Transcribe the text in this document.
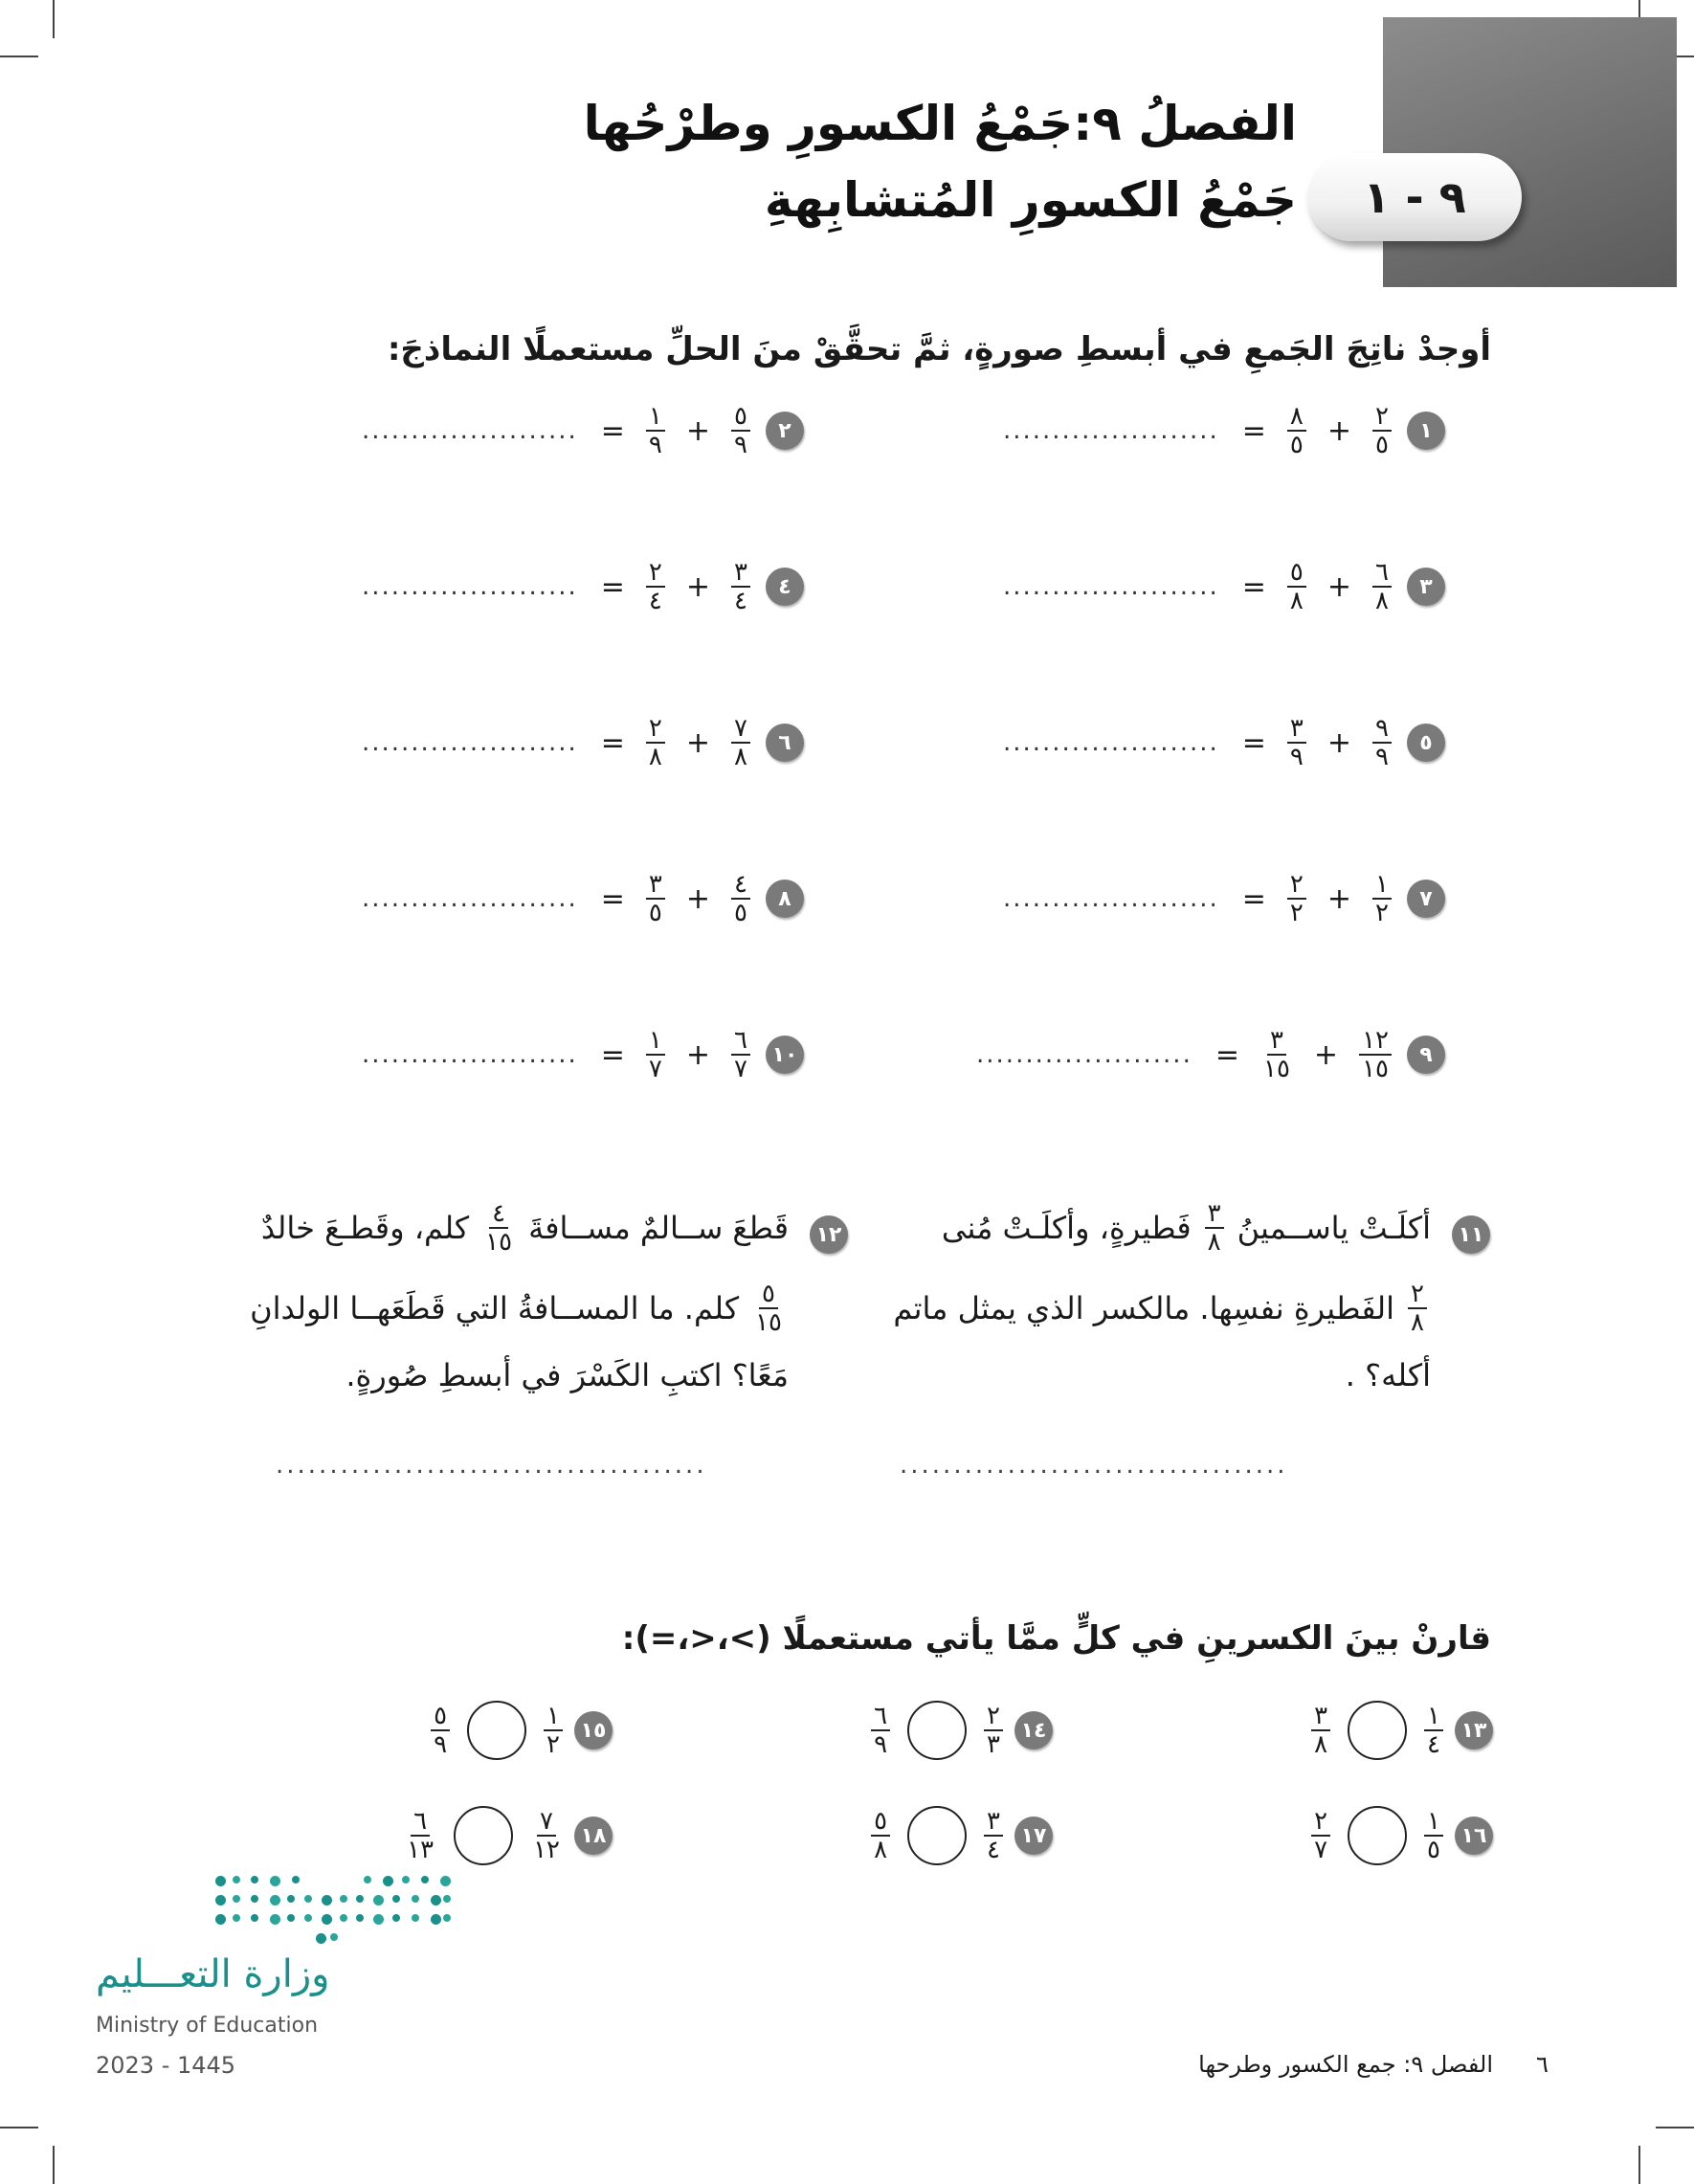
٩ - ١
الفصلُ ٩:جَمْعُ الكسورِ وطرْحُها
جَمْعُ الكسورِ المُتشابِهةِ
أوجدْ ناتِجَ الجَمعِ في أبسطِ صورةٍ، ثمَّ تحقَّقْ منَ الحلِّ مستعملًا النماذجَ:
١
$\frac{٢}{٥}$
+
$\frac{٨}{٥}$
=
......................
٢
$\frac{٥}{٩}$
+
$\frac{١}{٩}$
=
......................
٣
$\frac{٦}{٨}$
+
$\frac{٥}{٨}$
=
......................
٤
$\frac{٣}{٤}$
+
$\frac{٢}{٤}$
=
......................
٥
$\frac{٩}{٩}$
+
$\frac{٣}{٩}$
=
......................
٦
$\frac{٧}{٨}$
+
$\frac{٢}{٨}$
=
......................
٧
$\frac{١}{٢}$
+
$\frac{٢}{٢}$
=
......................
٨
$\frac{٤}{٥}$
+
$\frac{٣}{٥}$
=
......................
٩
$\frac{١٢}{١٥}$
+
$\frac{٣}{١٥}$
=
......................
١٠
$\frac{٦}{٧}$
+
$\frac{١}{٧}$
=
......................
١١
أكلَـتْ ياســمينُ
$\frac{٣}{٨}$
فَطيرةٍ، وأكلَـتْ مُنى
$\frac{٢}{٨}$
الفَطيرةِ نفسِها. مالكسر الذي يمثل ماتم
أكله؟ .
....................................
١٢
قَطعَ ســالمٌ مســافةَ
$\frac{٤}{١٥}$
كلم، وقَطـعَ خالدٌ
$\frac{٥}{١٥}$
كلم. ما المســافةُ التي قَطَعَهــا الولدانِ
مَعًا؟ اكتبِ الكَسْرَ في أبسطِ صُورةٍ.
........................................
قارنْ بينَ الكسرينِ في كلٍّ ممَّا يأتي مستعملًا (>،<،=):
١٣
$\frac{١}{٤}$
$\frac{٣}{٨}$
١٤
$\frac{٢}{٣}$
$\frac{٦}{٩}$
١٥
$\frac{١}{٢}$
$\frac{٥}{٩}$
١٦
$\frac{١}{٥}$
$\frac{٢}{٧}$
١٧
$\frac{٣}{٤}$
$\frac{٥}{٨}$
١٨
$\frac{٧}{١٢}$
$\frac{٦}{١٣}$
وزارة التعـــليم
Ministry of Education
2023 - 1445	٦
الفصل ٩: جمع الكسور وطرحها
